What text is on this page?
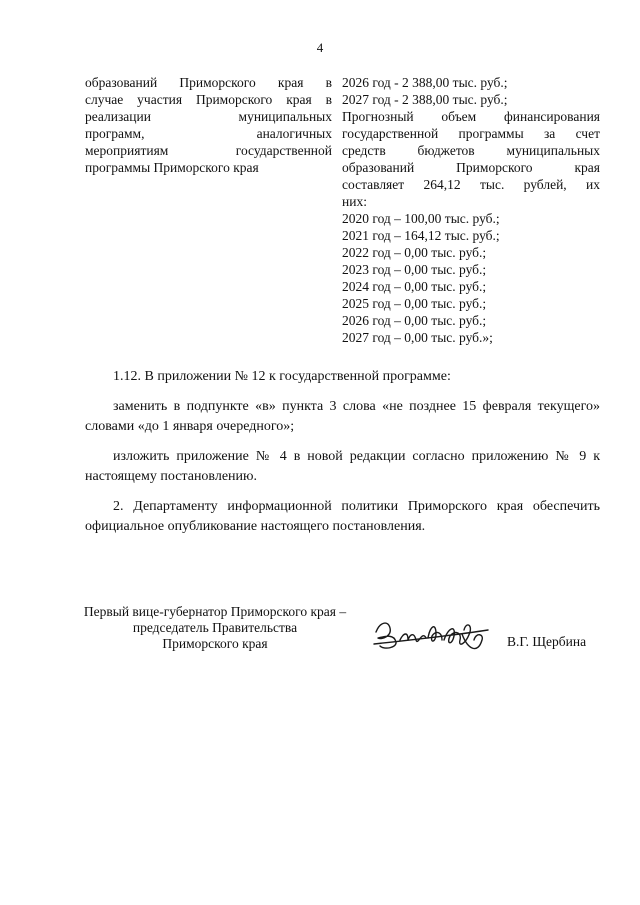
4
образований Приморского края в
случае участия Приморского края в
реализации муниципальных
программ, аналогичных
мероприятиям государственной
программы Приморского края
2026 год - 2 388,00 тыс. руб.;
2027 год - 2 388,00 тыс. руб.;
Прогнозный объем финансирования
государственной программы за счет
средств бюджетов муниципальных
образований Приморского края
составляет 264,12 тыс. рублей, их
них:
2020 год – 100,00 тыс. руб.;
2021 год – 164,12 тыс. руб.;
2022 год – 0,00 тыс. руб.;
2023 год – 0,00 тыс. руб.;
2024 год – 0,00 тыс. руб.;
2025 год – 0,00 тыс. руб.;
2026 год – 0,00 тыс. руб.;
2027 год – 0,00 тыс. руб.»;
1.12. В приложении № 12 к государственной программе:
заменить в подпункте «в» пункта 3 слова «не позднее 15 февраля текущего» словами «до 1 января очередного»;
изложить приложение № 4 в новой редакции согласно приложению № 9 к настоящему постановлению.
2. Департаменту информационной политики Приморского края обеспечить официальное опубликование настоящего постановления.
Первый вице-губернатор Приморского края –
председатель Правительства
Приморского края	В.Г. Щербина
